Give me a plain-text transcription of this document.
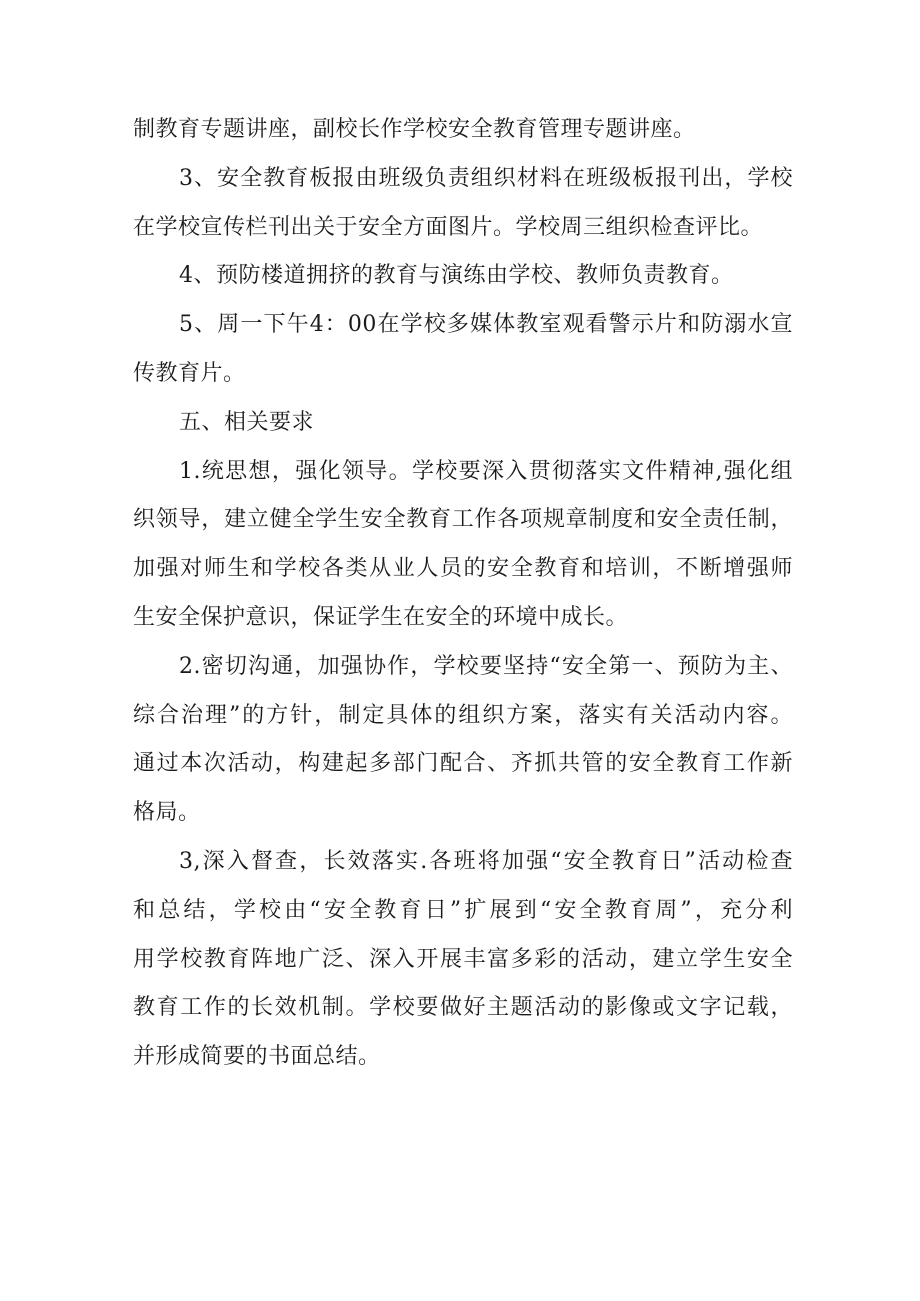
制教育专题讲座，副校长作学校安全教育管理专题讲座。
3、安全教育板报由班级负责组织材料在班级板报刊出，学校
在学校宣传栏刊出关于安全方面图片。学校周三组织检查评比。
4、预防楼道拥挤的教育与演练由学校、教师负责教育。
5、周一下午4：00在学校多媒体教室观看警示片和防溺水宣
传教育片。
五、相关要求
1.统思想，强化领导。学校要深入贯彻落实文件精神,强化组
织领导，建立健全学生安全教育工作各项规章制度和安全责任制，
加强对师生和学校各类从业人员的安全教育和培训，不断增强师
生安全保护意识，保证学生在安全的环境中成长。
2.密切沟通，加强协作，学校要坚持“安全第一、预防为主、
综合治理”的方针，制定具体的组织方案，落实有关活动内容。
通过本次活动，构建起多部门配合、齐抓共管的安全教育工作新
格局。
3,深入督查，长效落实.各班将加强“安全教育日”活动检查
和总结，学校由“安全教育日”扩展到“安全教育周”，充分利
用学校教育阵地广泛、深入开展丰富多彩的活动，建立学生安全
教育工作的长效机制。学校要做好主题活动的影像或文字记载，
并形成简要的书面总结。
